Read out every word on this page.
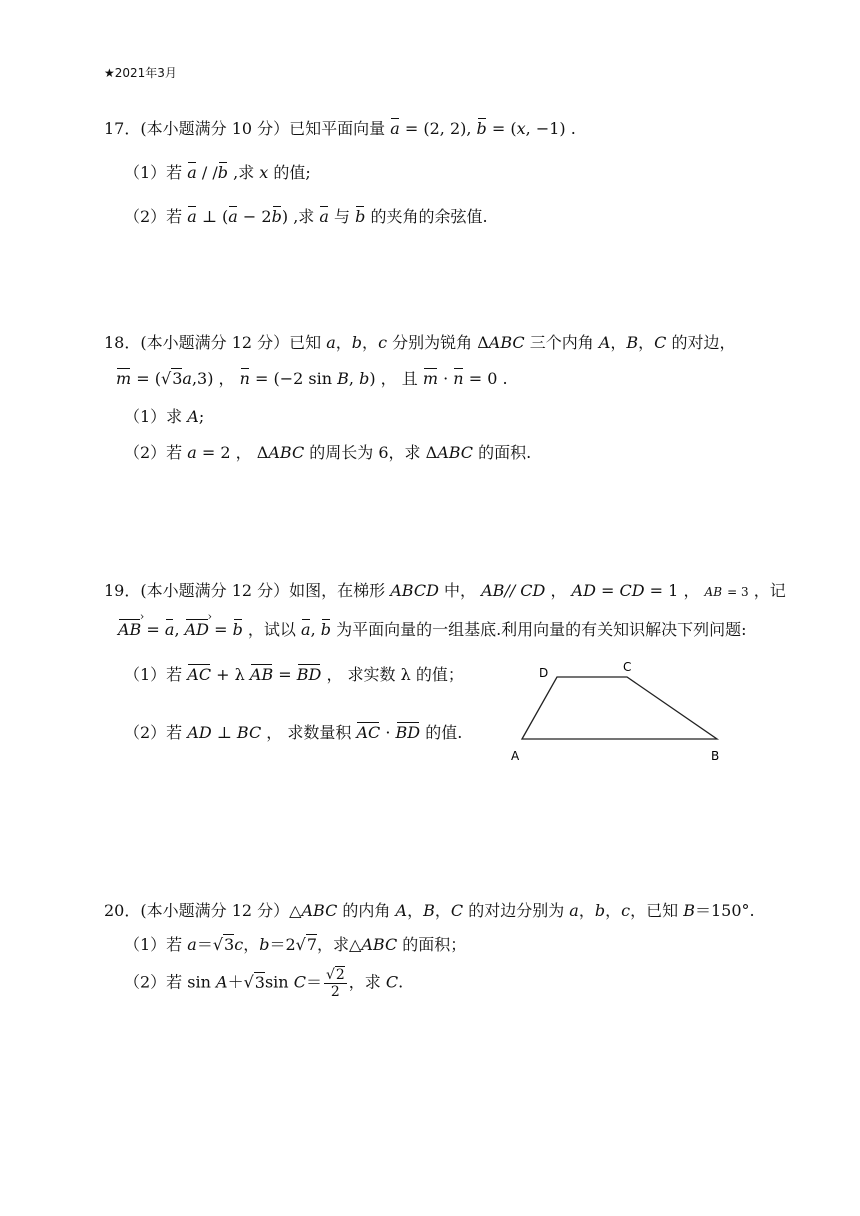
★2021年3月
17．(本小题满分 10 分）已知平面向量 a = (2, 2), b = (x, −1) .
（1）若 a / /b ,求 x 的值;
（2）若 a ⊥ (a − 2b) ,求 a 与 b 的夹角的余弦值.
18．(本小题满分 12 分）已知 a，b，c 分别为锐角 ΔABC 三个内角 A，B，C 的对边，
m = (√3a,3) ， n = (−2 sin B, b) ， 且 m · n = 0 .
（1）求 A;
（2）若 a = 2 ， ΔABC 的周长为 6，求 ΔABC 的面积.
19．(本小题满分 12 分）如图，在梯形 ABCD 中， AB// CD ， AD = CD = 1 ， AB = 3 ，记
AB › = a, AD › = b ，试以 a, b 为平面向量的一组基底.利用向量的有关知识解决下列问题:
（1）若 AC + λ AB = BD ， 求实数 λ 的值；
（2）若 AD ⊥ BC ， 求数量积 AC · BD 的值.
D	C
A	B
20．(本小题满分 12 分）△ABC 的内角 A，B，C 的对边分别为 a，b，c，已知 B＝150°.
（1）若 a＝√3c，b＝2√7，求△ABC 的面积；
（2）若 sin A＋√3sin $C= \frac{√2}{2}$ ，求 C.
